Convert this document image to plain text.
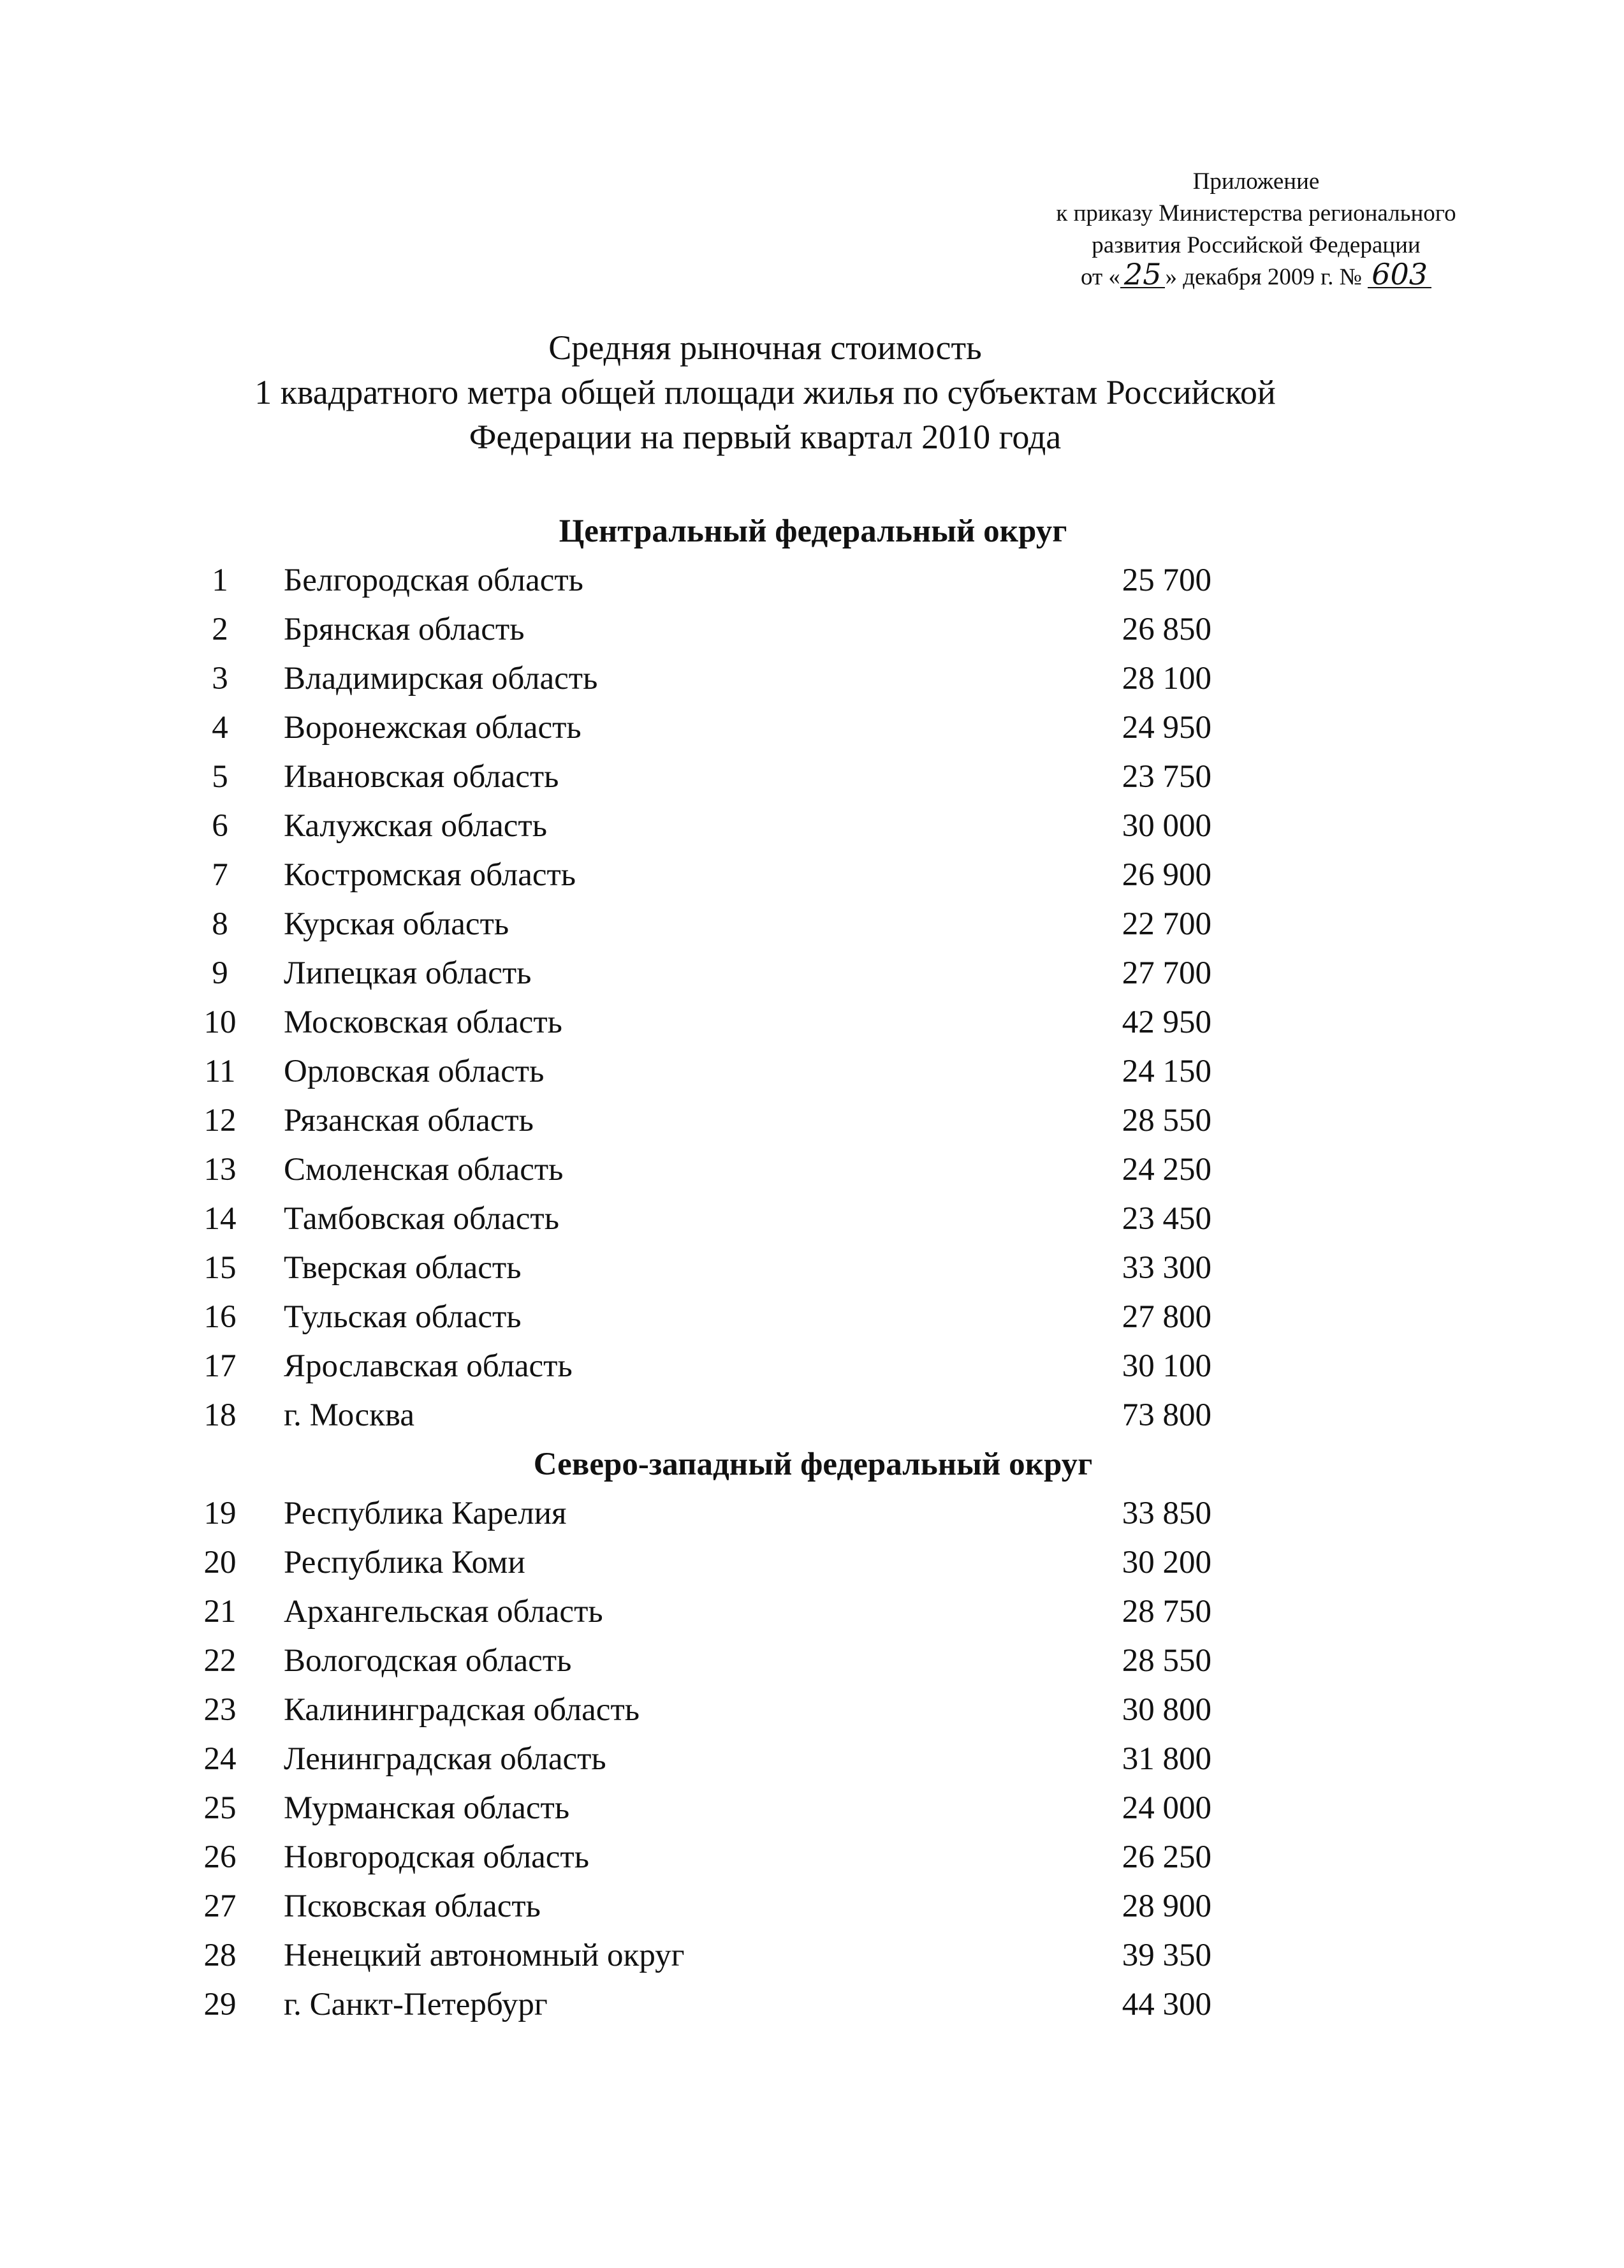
Приложение
к приказу Министерства регионального
развития Российской Федерации
от « 25 » декабря 2009 г. № 603
Средняя рыночная стоимость
1 квадратного метра общей площади жилья по субъектам Российской
Федерации на первый квартал 2010 года
Центральный федеральный округ
1	Белгородская область	25 700
2	Брянская область	26 850
3	Владимирская область	28 100
4	Воронежская область	24 950
5	Ивановская область	23 750
6	Калужская область	30 000
7	Костромская область	26 900
8	Курская область	22 700
9	Липецкая область	27 700
10	Московская область	42 950
11	Орловская область	24 150
12	Рязанская область	28 550
13	Смоленская область	24 250
14	Тамбовская область	23 450
15	Тверская область	33 300
16	Тульская область	27 800
17	Ярославская область	30 100
18	г. Москва	73 800
Северо-западный федеральный округ
19	Республика Карелия	33 850
20	Республика Коми	30 200
21	Архангельская область	28 750
22	Вологодская область	28 550
23	Калининградская область	30 800
24	Ленинградская область	31 800
25	Мурманская область	24 000
26	Новгородская область	26 250
27	Псковская область	28 900
28	Ненецкий автономный округ	39 350
29	г. Санкт-Петербург	44 300
